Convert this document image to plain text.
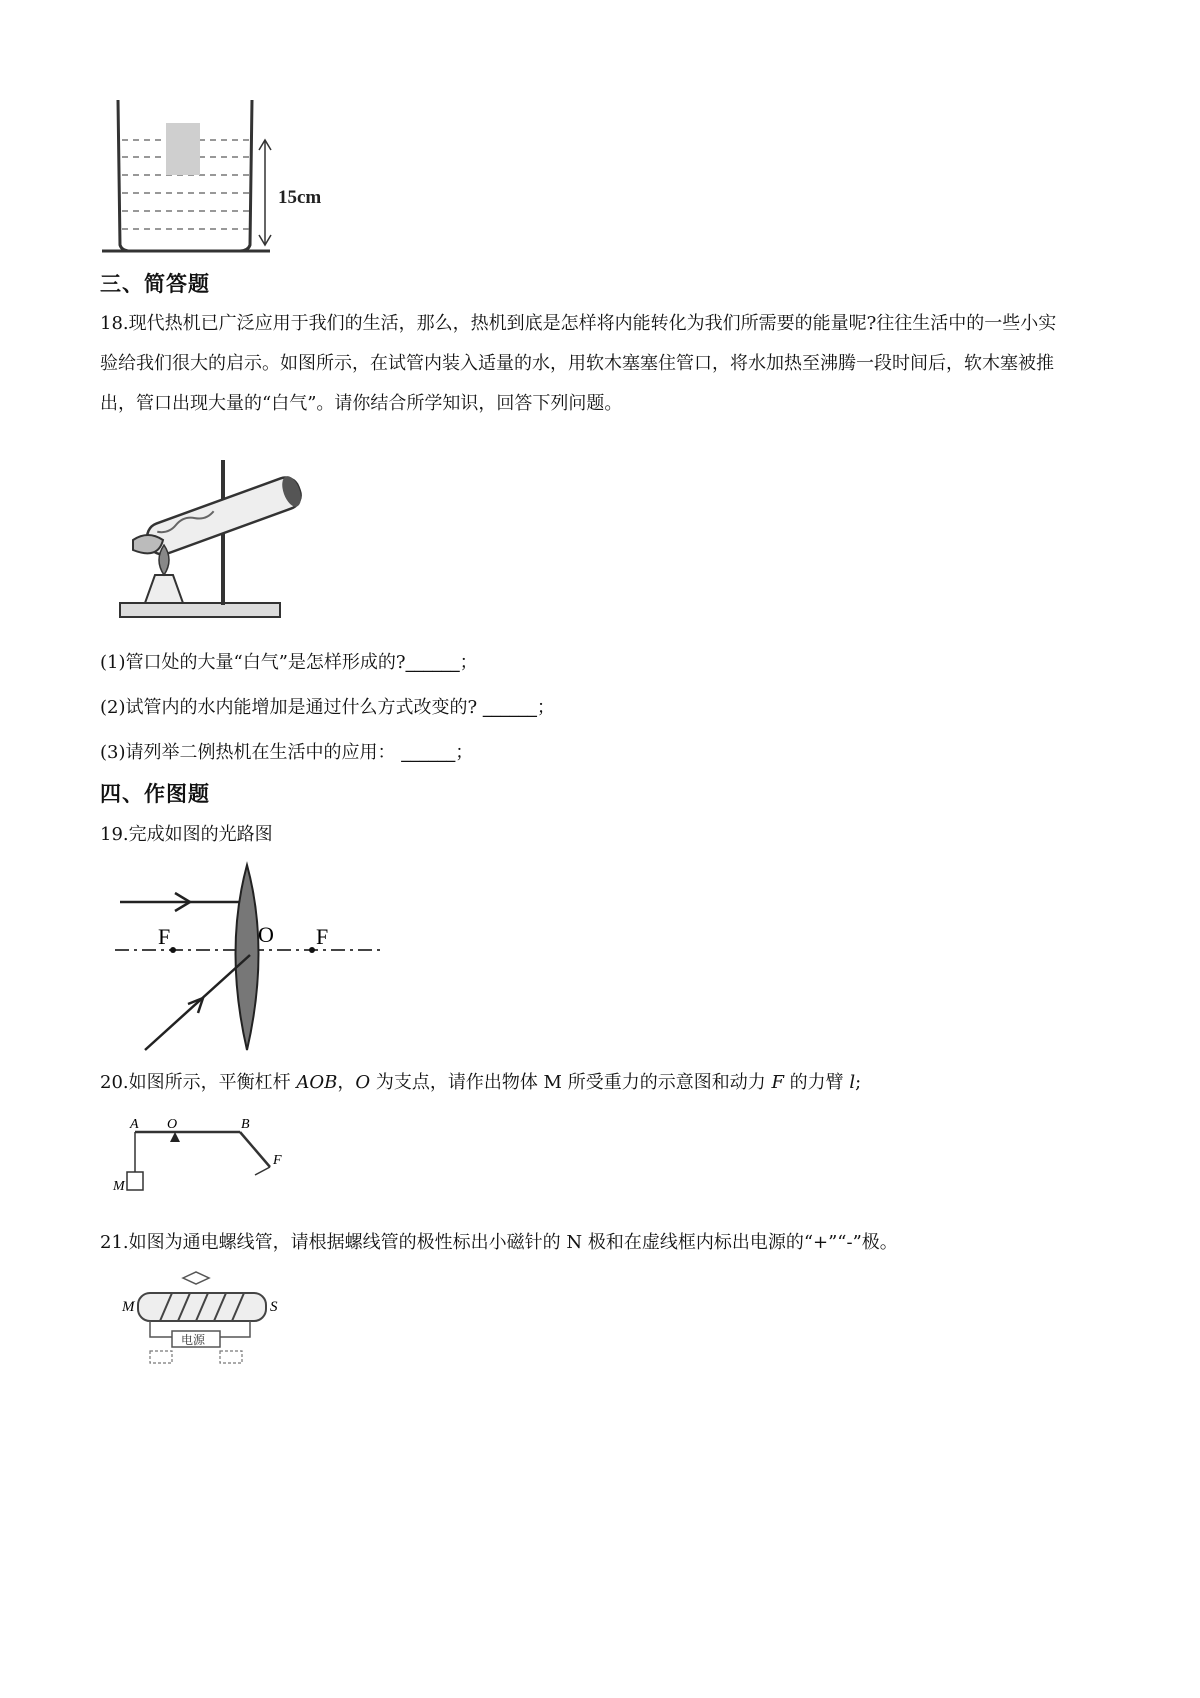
15cm
三、简答题
18.现代热机已广泛应用于我们的生活，那么，热机到底是怎样将内能转化为我们所需要的能量呢?往往生活中的一些小实验给我们很大的启示。如图所示，在试管内装入适量的水，用软木塞塞住管口，将水加热至沸腾一段时间后，软木塞被推出，管口出现大量的“白气”。请你结合所学知识，回答下列问题。
(1)管口处的大量“白气”是怎样形成的?______；
(2)试管内的水内能增加是通过什么方式改变的? ______；
(3)请列举二例热机在生活中的应用： ______；
四、作图题
19.完成如图的光路图
F	O F
20.如图所示，平衡杠杆 AOB，O 为支点，请作出物体 M 所受重力的示意图和动力 F 的力臂 l;
A O	B
F
M
21.如图为通电螺线管，请根据螺线管的极性标出小磁针的 N 极和在虚线框内标出电源的“+”“-”极。
电源
M	S
